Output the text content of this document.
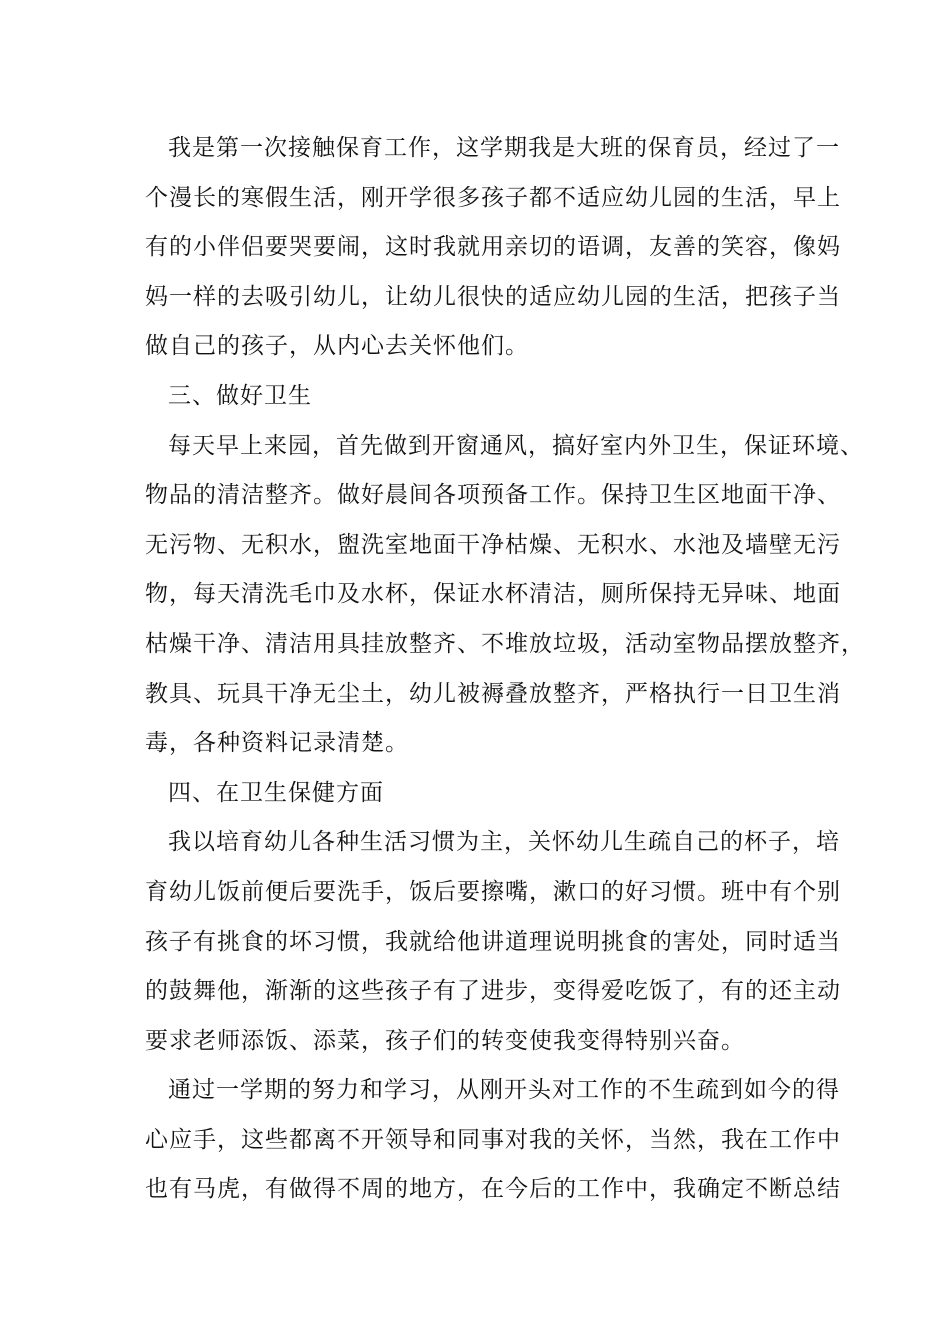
我是第一次接触保育工作，这学期我是大班的保育员，经过了一
个漫长的寒假生活，刚开学很多孩子都不适应幼儿园的生活，早上
有的小伴侣要哭要闹，这时我就用亲切的语调，友善的笑容，像妈
妈一样的去吸引幼儿，让幼儿很快的适应幼儿园的生活，把孩子当
做自己的孩子，从内心去关怀他们。
三、做好卫生
每天早上来园，首先做到开窗通风，搞好室内外卫生，保证环境、
物品的清洁整齐。做好晨间各项预备工作。保持卫生区地面干净、
无污物、无积水，盥洗室地面干净枯燥、无积水、水池及墙壁无污
物，每天清洗毛巾及水杯，保证水杯清洁，厕所保持无异味、地面
枯燥干净、清洁用具挂放整齐、不堆放垃圾，活动室物品摆放整齐，
教具、玩具干净无尘土，幼儿被褥叠放整齐，严格执行一日卫生消
毒，各种资料记录清楚。
四、在卫生保健方面
我以培育幼儿各种生活习惯为主，关怀幼儿生疏自己的杯子，培
育幼儿饭前便后要洗手，饭后要擦嘴，漱口的好习惯。班中有个别
孩子有挑食的坏习惯，我就给他讲道理说明挑食的害处，同时适当
的鼓舞他，渐渐的这些孩子有了进步，变得爱吃饭了，有的还主动
要求老师添饭、添菜，孩子们的转变使我变得特别兴奋。
通过一学期的努力和学习，从刚开头对工作的不生疏到如今的得
心应手，这些都离不开领导和同事对我的关怀，当然，我在工作中
也有马虎，有做得不周的地方，在今后的工作中，我确定不断总结
